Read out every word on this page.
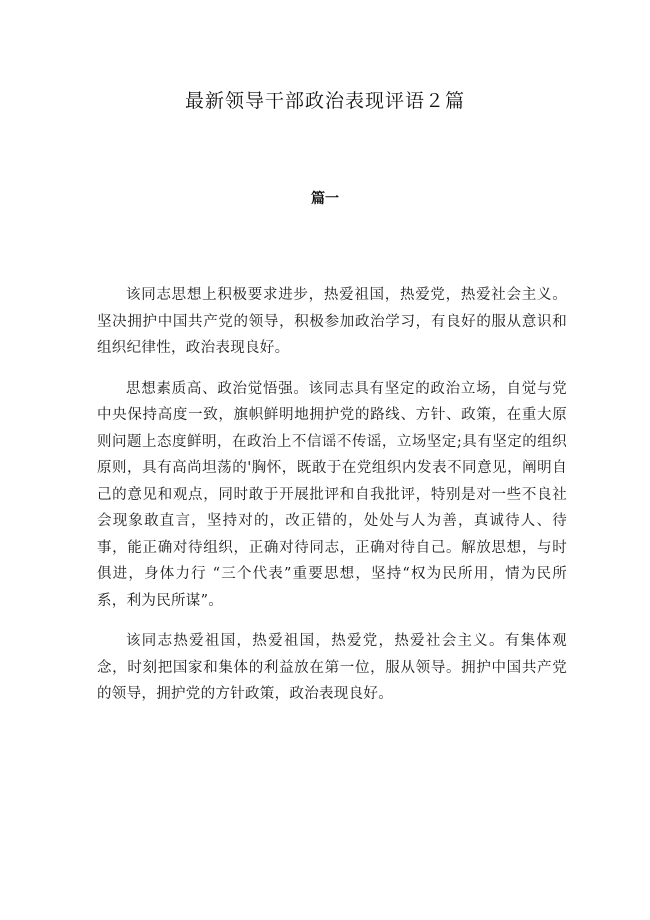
最新领导干部政治表现评语２篇
篇一

该同志思想上积极要求进步，热爱祖国，热爱党，热爱社会主义。坚决拥护中国共产党的领导，积极参加政治学习，有良好的服从意识和组织纪律性，政治表现良好。

思想素质高、政治觉悟强。该同志具有坚定的政治立场，自觉与党中央保持高度一致，旗帜鲜明地拥护党的路线、方针、政策，在重大原则问题上态度鲜明，在政治上不信谣不传谣，立场坚定;具有坚定的组织原则，具有高尚坦荡的'胸怀，既敢于在党组织内发表不同意见，阐明自己的意见和观点，同时敢于开展批评和自我批评，特别是对一些不良社会现象敢直言，坚持对的，改正错的，处处与人为善，真诚待人、待事，能正确对待组织，正确对待同志，正确对待自己。解放思想，与时俱进，身体力行 “三个代表”重要思想，坚持“权为民所用，情为民所系，利为民所谋”。

该同志热爱祖国，热爱祖国，热爱党，热爱社会主义。有集体观念，时刻把国家和集体的利益放在第一位，服从领导。拥护中国共产党的领导，拥护党的方针政策，政治表现良好。
